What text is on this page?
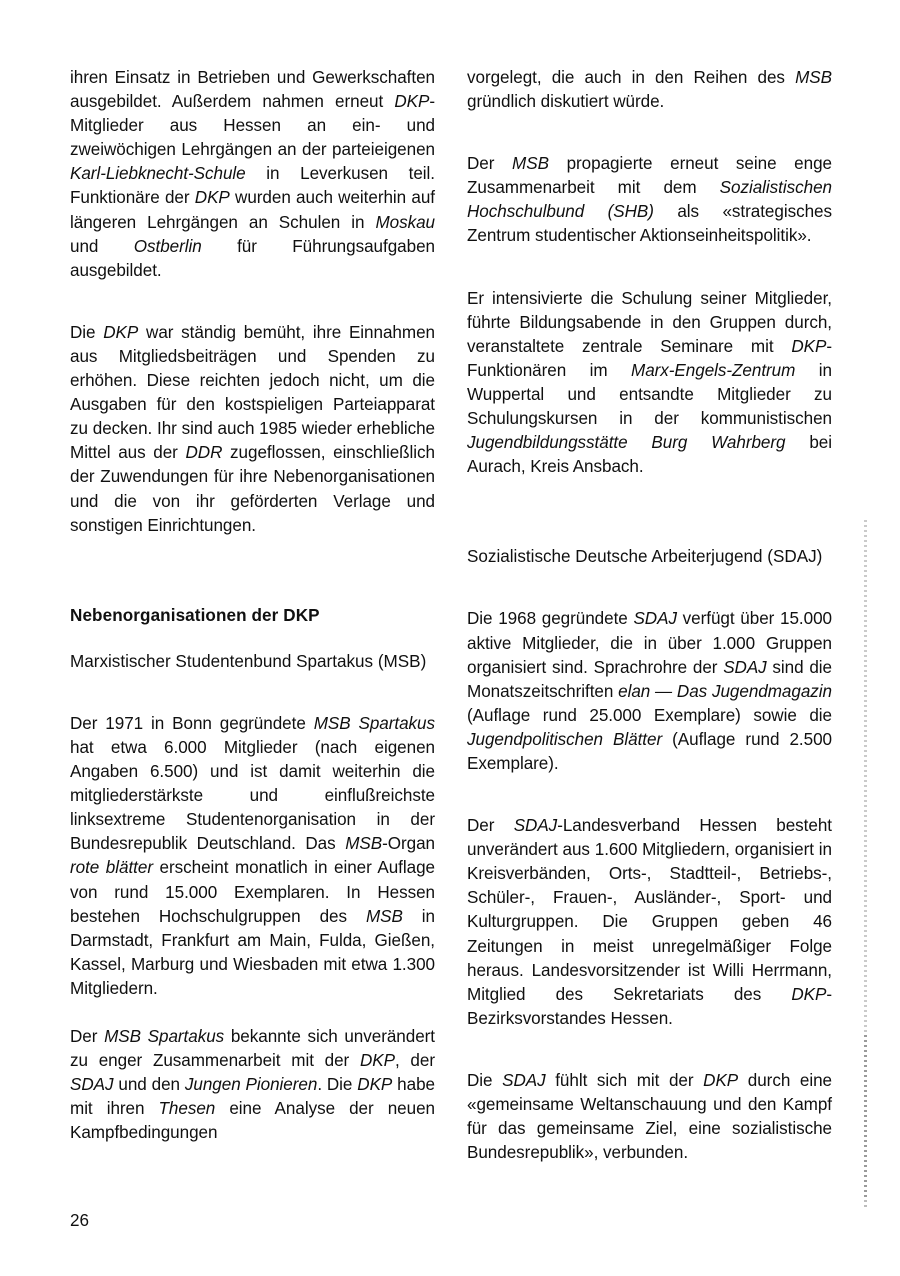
ihren Einsatz in Betrieben und Gewerkschaften ausgebildet. Außerdem nahmen erneut DKP-Mitglieder aus Hessen an ein- und zweiwöchigen Lehrgängen an der parteieigenen Karl-Liebknecht-Schule in Leverkusen teil. Funktionäre der DKP wurden auch weiterhin auf längeren Lehrgängen an Schulen in Moskau und Ostberlin für Führungsaufgaben ausgebildet.

Die DKP war ständig bemüht, ihre Einnahmen aus Mitgliedsbeiträgen und Spenden zu erhöhen. Diese reichten jedoch nicht, um die Ausgaben für den kostspieligen Parteiapparat zu decken. Ihr sind auch 1985 wieder erhebliche Mittel aus der DDR zugeflossen, einschließlich der Zuwendungen für ihre Nebenorganisationen und die von ihr geförderten Verlage und sonstigen Einrichtungen.

Nebenorganisationen der DKP

Marxistischer Studentenbund Spartakus (MSB)

Der 1971 in Bonn gegründete MSB Spartakus hat etwa 6.000 Mitglieder (nach eigenen Angaben 6.500) und ist damit weiterhin die mitgliederstärkste und einflußreichste linksextreme Studentenorganisation in der Bundesrepublik Deutschland. Das MSB-Organ rote blätter erscheint monatlich in einer Auflage von rund 15.000 Exemplaren. In Hessen bestehen Hochschulgruppen des MSB in Darmstadt, Frankfurt am Main, Fulda, Gießen, Kassel, Marburg und Wiesbaden mit etwa 1.300 Mitgliedern.

Der MSB Spartakus bekannte sich unverändert zu enger Zusammenarbeit mit der DKP, der SDAJ und den Jungen Pionieren. Die DKP habe mit ihren Thesen eine Analyse der neuen Kampfbedingungen

vorgelegt, die auch in den Reihen des MSB gründlich diskutiert würde.

Der MSB propagierte erneut seine enge Zusammenarbeit mit dem Sozialistischen Hochschulbund (SHB) als «strategisches Zentrum studentischer Aktionseinheitspolitik».

Er intensivierte die Schulung seiner Mitglieder, führte Bildungsabende in den Gruppen durch, veranstaltete zentrale Seminare mit DKP-Funktionären im Marx-Engels-Zentrum in Wuppertal und entsandte Mitglieder zu Schulungskursen in der kommunistischen Jugendbildungsstätte Burg Wahrberg bei Aurach, Kreis Ansbach.

Sozialistische Deutsche Arbeiterjugend (SDAJ)

Die 1968 gegründete SDAJ verfügt über 15.000 aktive Mitglieder, die in über 1.000 Gruppen organisiert sind. Sprachrohre der SDAJ sind die Monatszeitschriften elan — Das Jugendmagazin (Auflage rund 25.000 Exemplare) sowie die Jugendpolitischen Blätter (Auflage rund 2.500 Exemplare).

Der SDAJ-Landesverband Hessen besteht unverändert aus 1.600 Mitgliedern, organisiert in Kreisverbänden, Orts-, Stadtteil-, Betriebs-, Schüler-, Frauen-, Ausländer-, Sport- und Kulturgruppen. Die Gruppen geben 46 Zeitungen in meist unregelmäßiger Folge heraus. Landesvorsitzender ist Willi Herrmann, Mitglied des Sekretariats des DKP-Bezirksvorstandes Hessen.

Die SDAJ fühlt sich mit der DKP durch eine «gemeinsame Weltanschauung und den Kampf für das gemeinsame Ziel, eine sozialistische Bundesrepublik», verbunden.

26
